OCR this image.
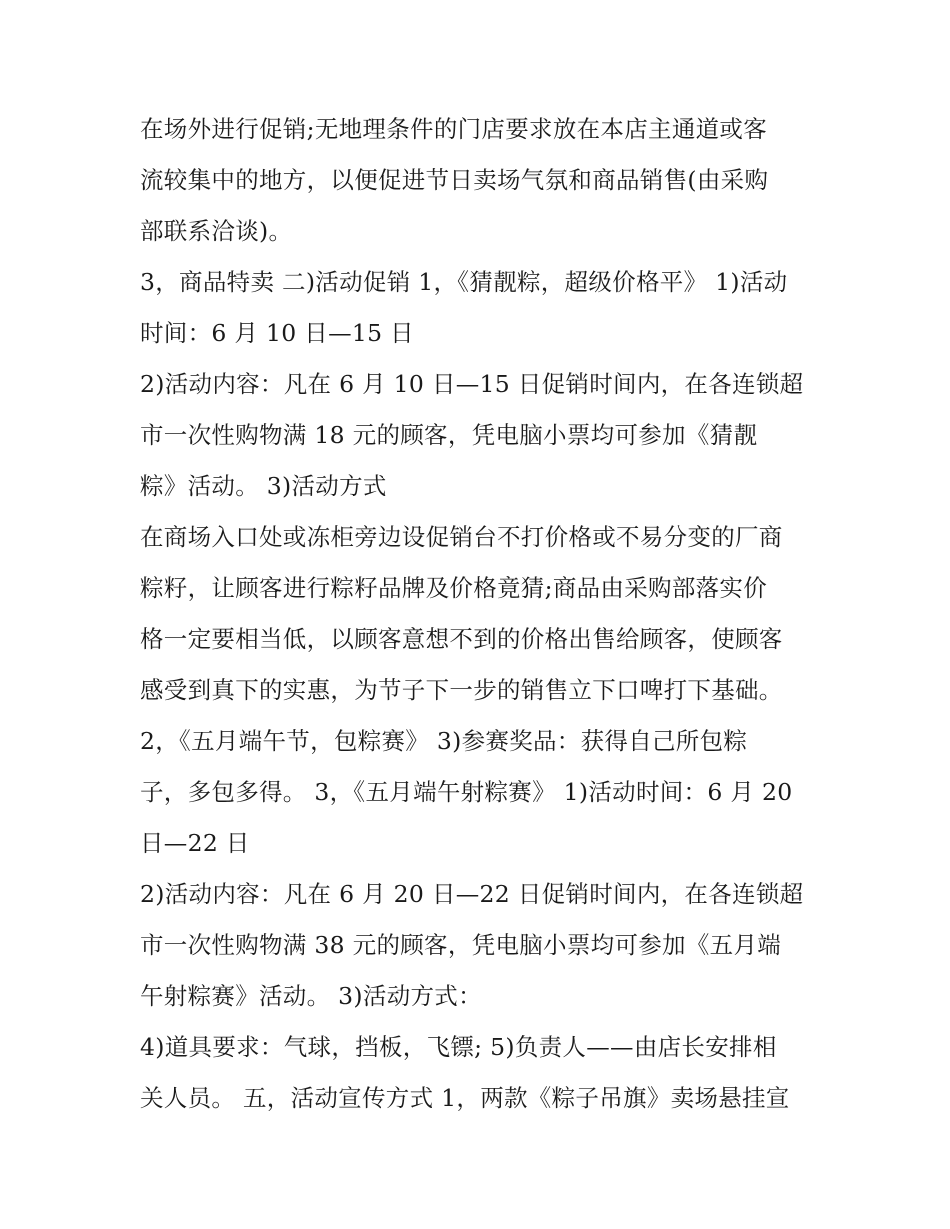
在场外进行促销;无地理条件的门店要求放在本店主通道或客
流较集中的地方，以便促进节日卖场气氛和商品销售(由采购
部联系洽谈)。
3，商品特卖 二)活动促销 1，《猜靓粽，超级价格平》 1)活动
时间：6 月 10 日—15 日
2)活动内容：凡在 6 月 10 日—15 日促销时间内，在各连锁超
市一次性购物满 18 元的顾客，凭电脑小票均可参加《猜靓
粽》活动。 3)活动方式
在商场入口处或冻柜旁边设促销台不打价格或不易分变的厂商
粽籽，让顾客进行粽籽品牌及价格竟猜;商品由采购部落实价
格一定要相当低，以顾客意想不到的价格出售给顾客，使顾客
感受到真下的实惠，为节子下一步的销售立下口啤打下基础。
2，《五月端午节，包粽赛》 3)参赛奖品：获得自己所包粽
子，多包多得。 3，《五月端午射粽赛》 1)活动时间：6 月 20
日—22 日
2)活动内容：凡在 6 月 20 日—22 日促销时间内，在各连锁超
市一次性购物满 38 元的顾客，凭电脑小票均可参加《五月端
午射粽赛》活动。 3)活动方式：
4)道具要求：气球，挡板，飞镖; 5)负责人——由店长安排相
关人员。 五，活动宣传方式 1，两款《粽子吊旗》卖场悬挂宣
